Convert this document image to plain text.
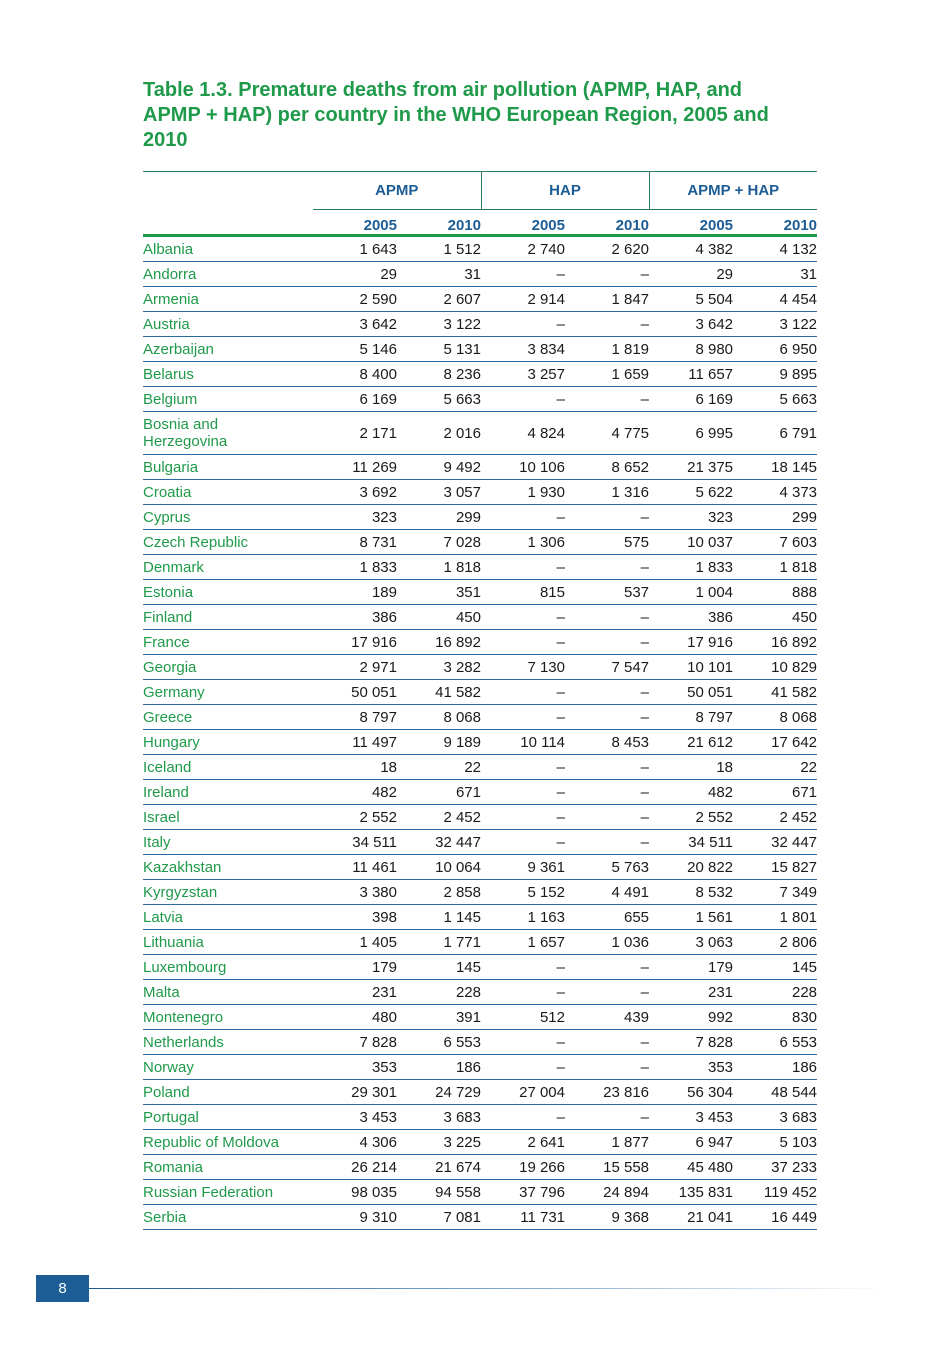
Table 1.3. Premature deaths from air pollution (APMP, HAP, and APMP + HAP) per country in the WHO European Region, 2005 and 2010
	APMP		HAP		APMP + HAP	
	2005	2010	2005	2010	2005	2010
Albania	1 643	1 512	2 740	2 620	4 382	4 132
Andorra	29	31	–	–	29	31
Armenia	2 590	2 607	2 914	1 847	5 504	4 454
Austria	3 642	3 122	–	–	3 642	3 122
Azerbaijan	5 146	5 131	3 834	1 819	8 980	6 950
Belarus	8 400	8 236	3 257	1 659	11 657	9 895
Belgium	6 169	5 663	–	–	6 169	5 663
Bosnia and Herzegovina	2 171	2 016	4 824	4 775	6 995	6 791
Bulgaria	11 269	9 492	10 106	8 652	21 375	18 145
Croatia	3 692	3 057	1 930	1 316	5 622	4 373
Cyprus	323	299	–	–	323	299
Czech Republic	8 731	7 028	1 306	575	10 037	7 603
Denmark	1 833	1 818	–	–	1 833	1 818
Estonia	189	351	815	537	1 004	888
Finland	386	450	–	–	386	450
France	17 916	16 892	–	–	17 916	16 892
Georgia	2 971	3 282	7 130	7 547	10 101	10 829
Germany	50 051	41 582	–	–	50 051	41 582
Greece	8 797	8 068	–	–	8 797	8 068
Hungary	11 497	9 189	10 114	8 453	21 612	17 642
Iceland	18	22	–	–	18	22
Ireland	482	671	–	–	482	671
Israel	2 552	2 452	–	–	2 552	2 452
Italy	34 511	32 447	–	–	34 511	32 447
Kazakhstan	11 461	10 064	9 361	5 763	20 822	15 827
Kyrgyzstan	3 380	2 858	5 152	4 491	8 532	7 349
Latvia	398	1 145	1 163	655	1 561	1 801
Lithuania	1 405	1 771	1 657	1 036	3 063	2 806
Luxembourg	179	145	–	–	179	145
Malta	231	228	–	–	231	228
Montenegro	480	391	512	439	992	830
Netherlands	7 828	6 553	–	–	7 828	6 553
Norway	353	186	–	–	353	186
Poland	29 301	24 729	27 004	23 816	56 304	48 544
Portugal	3 453	3 683	–	–	3 453	3 683
Republic of Moldova	4 306	3 225	2 641	1 877	6 947	5 103
Romania	26 214	21 674	19 266	15 558	45 480	37 233
Russian Federation	98 035	94 558	37 796	24 894	135 831	119 452
Serbia	9 310	7 081	11 731	9 368	21 041	16 449
8
